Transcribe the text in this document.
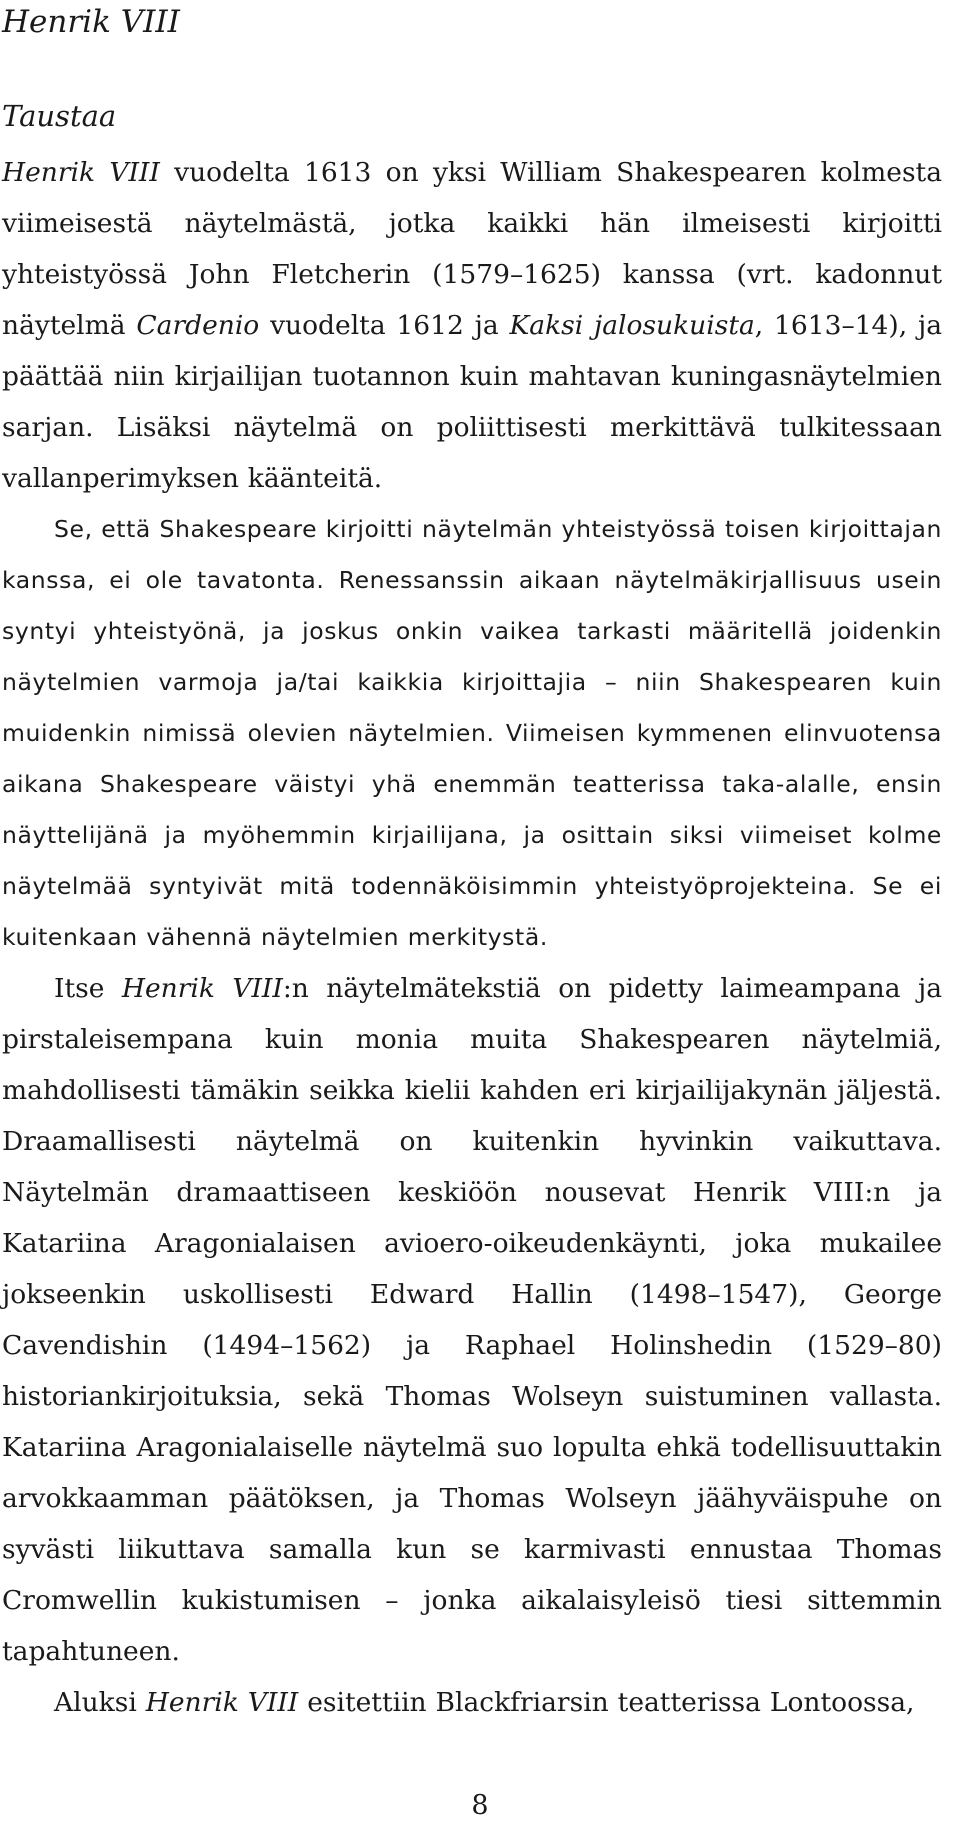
Henrik VIII
Taustaa

Henrik VIII vuodelta 1613 on yksi William Shakespearen kolmesta viimeisestä näytelmästä, jotka kaikki hän ilmeisesti kirjoitti yhteistyössä John Fletcherin (1579–1625) kanssa (vrt. kadonnut näytelmä Cardenio vuodelta 1612 ja Kaksi jalosukuista, 1613–14), ja päättää niin kirjailijan tuotannon kuin mahtavan kuningasnäytelmien sarjan. Lisäksi näytelmä on poliittisesti merkittävä tulkitessaan vallanperimyksen käänteitä.

Se, että Shakespeare kirjoitti näytelmän yhteistyössä toisen kirjoittajan kanssa, ei ole tavatonta. Renessanssin aikaan näytelmäkirjallisuus usein syntyi yhteistyönä, ja joskus onkin vaikea tarkasti määritellä joidenkin näytelmien varmoja ja/tai kaikkia kirjoittajia – niin Shakespearen kuin muidenkin nimissä olevien näytelmien. Viimeisen kymmenen elinvuotensa aikana Shakespeare väistyi yhä enemmän teatterissa taka-alalle, ensin näyttelijänä ja myöhemmin kirjailijana, ja osittain siksi viimeiset kolme näytelmää syntyivät mitä todennäköisimmin yhteistyöprojekteina. Se ei kuitenkaan vähennä näytelmien merkitystä.

Itse Henrik VIII:n näytelmätekstiä on pidetty laimeampana ja pirstaleisempana kuin monia muita Shakespearen näytelmiä, mahdollisesti tämäkin seikka kielii kahden eri kirjailijakynän jäljestä. Draamallisesti näytelmä on kuitenkin hyvinkin vaikuttava. Näytelmän dramaattiseen keskiöön nousevat Henrik VIII:n ja Katariina Aragonialaisen avioero-oikeudenkäynti, joka mukailee jokseenkin uskollisesti Edward Hallin (1498–1547), George Cavendishin (1494–1562) ja Raphael Holinshedin (1529–80) historiankirjoituksia, sekä Thomas Wolseyn suistuminen vallasta. Katariina Aragonialaiselle näytelmä suo lopulta ehkä todellisuuttakin arvokkaamman päätöksen, ja Thomas Wolseyn jäähyväispuhe on syvästi liikuttava samalla kun se karmivasti ennustaa Thomas Cromwellin kukistumisen – jonka aikalaisyleisö tiesi sittemmin tapahtuneen.

Aluksi Henrik VIII esitettiin Blackfriarsin teatterissa Lontoossa,

8
